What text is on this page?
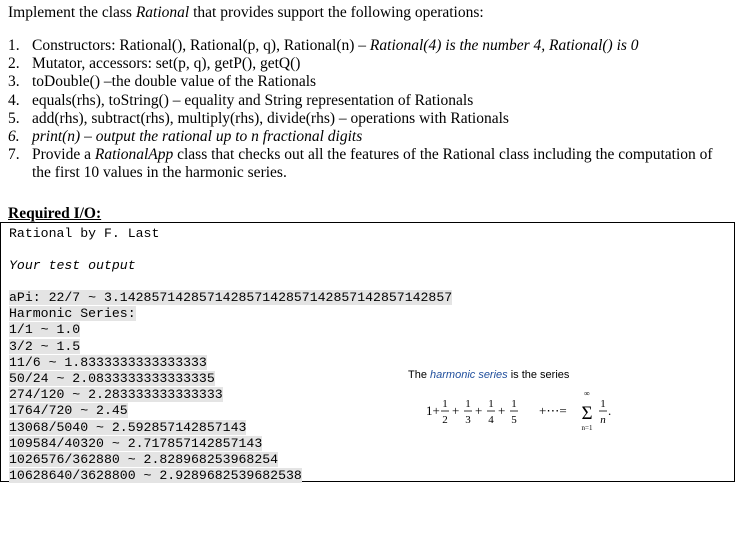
Implement the class Rational that provides support the following operations:
1. Constructors: Rational(), Rational(p, q), Rational(n) – Rational(4) is the number 4, Rational() is 0
2. Mutator, accessors: set(p, q), getP(), getQ()
3. toDouble() –the double value of the Rationals
4. equals(rhs), toString() – equality and String representation of Rationals
5. add(rhs), subtract(rhs), multiply(rhs), divide(rhs) – operations with Rationals
6. print(n) – output the rational up to n fractional digits
7. Provide a RationalApp class that checks out all the features of the Rational class including the computation of the first 10 values in the harmonic series.
Required I/O:
Rational by F. Last
Your test output
aPi: 22/7 ~ 3.142857142857142857142857142857142857142857
Harmonic Series:
1/1 ~ 1.0
3/2 ~ 1.5
11/6 ~ 1.8333333333333333
50/24 ~ 2.0833333333333335
274/120 ~ 2.283333333333333
1764/720 ~ 2.45
13068/5040 ~ 2.592857142857143
109584/40320 ~ 2.717857142857143
1026576/362880 ~ 2.828968253968254
10628640/3628800 ~ 2.9289682539682538
The harmonic series is the series
1+ 1
2
+ 1
3
+ 1
4
+ 1
5
+⋯=
∞
Σ
n=1
1
n
.
